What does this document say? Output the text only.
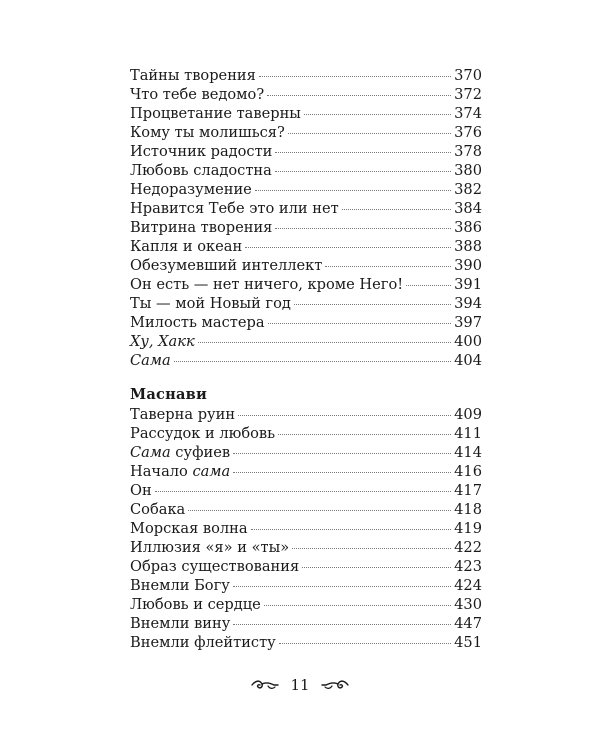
Тайны творения	370
Что тебе ведомо?	372
Процветание таверны	374
Кому ты молишься?	376
Источник радости	378
Любовь сладостна	380
Недоразумение	382
Нравится Тебе это или нет	384
Витрина творения	386
Капля и океан	388
Обезумевший интеллект	390
Он есть — нет ничего, кроме Него!	391
Ты — мой Новый год	394
Милость мастера	397
Ху, Хакк	400
Сама	404
Маснави
Таверна руин	409
Рассудок и любовь	411
Сама суфиев	414
Начало сама	416
Он	417
Собака	418
Морская волна	419
Иллюзия «я» и «ты»	422
Образ существования	423
Внемли Богу	424
Любовь и сердце	430
Внемли вину	447
Внемли флейтисту	451
11
